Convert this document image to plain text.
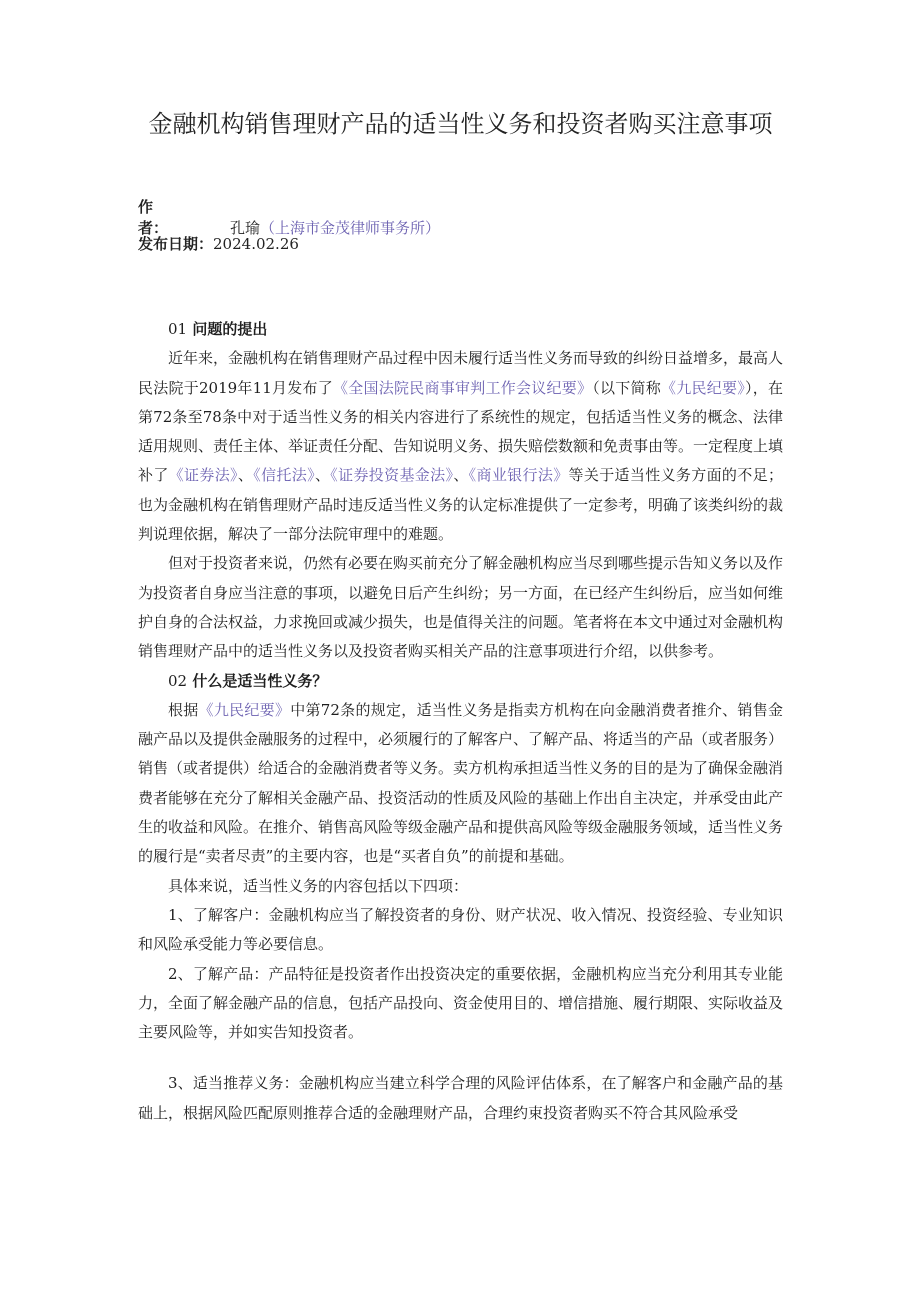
金融机构销售理财产品的适当性义务和投资者购买注意事项
作　　　　者：	孔瑜（上海市金茂律师事务所）
发布日期：2024.02.26

01 问题的提出

近年来，金融机构在销售理财产品过程中因未履行适当性义务而导致的纠纷日益增多，最高人民法院于2019年11月发布了《全国法院民商事审判工作会议纪要》（以下简称《九民纪要》），在第72条至78条中对于适当性义务的相关内容进行了系统性的规定，包括适当性义务的概念、法律适用规则、责任主体、举证责任分配、告知说明义务、损失赔偿数额和免责事由等。一定程度上填补了《证券法》、《信托法》、《证券投资基金法》、《商业银行法》等关于适当性义务方面的不足；也为金融机构在销售理财产品时违反适当性义务的认定标准提供了一定参考，明确了该类纠纷的裁判说理依据，解决了一部分法院审理中的难题。

但对于投资者来说，仍然有必要在购买前充分了解金融机构应当尽到哪些提示告知义务以及作为投资者自身应当注意的事项，以避免日后产生纠纷；另一方面，在已经产生纠纷后，应当如何维护自身的合法权益，力求挽回或减少损失，也是值得关注的问题。笔者将在本文中通过对金融机构销售理财产品中的适当性义务以及投资者购买相关产品的注意事项进行介绍，以供参考。

02 什么是适当性义务？

根据《九民纪要》中第72条的规定，适当性义务是指卖方机构在向金融消费者推介、销售金融产品以及提供金融服务的过程中，必须履行的了解客户、了解产品、将适当的产品（或者服务）销售（或者提供）给适合的金融消费者等义务。卖方机构承担适当性义务的目的是为了确保金融消费者能够在充分了解相关金融产品、投资活动的性质及风险的基础上作出自主决定，并承受由此产生的收益和风险。在推介、销售高风险等级金融产品和提供高风险等级金融服务领域，适当性义务的履行是“卖者尽责”的主要内容，也是“买者自负”的前提和基础。

具体来说，适当性义务的内容包括以下四项：

1、了解客户：金融机构应当了解投资者的身份、财产状况、收入情况、投资经验、专业知识和风险承受能力等必要信息。

2、了解产品：产品特征是投资者作出投资决定的重要依据，金融机构应当充分利用其专业能力，全面了解金融产品的信息，包括产品投向、资金使用目的、增信措施、履行期限、实际收益及主要风险等，并如实告知投资者。

3、适当推荐义务：金融机构应当建立科学合理的风险评估体系，在了解客户和金融产品的基础上，根据风险匹配原则推荐合适的金融理财产品，合理约束投资者购买不符合其风险承受
